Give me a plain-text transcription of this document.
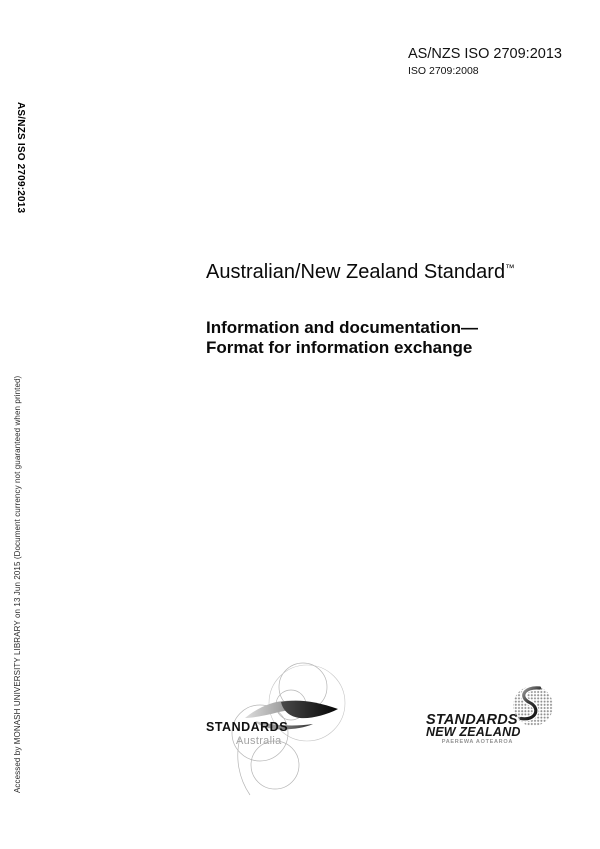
AS/NZS ISO 2709:2013
ISO 2709:2008
AS/NZS ISO 2709:2013
Accessed by MONASH UNIVERSITY LIBRARY on 13 Jun 2015 (Document currency not guaranteed when printed)
Australian/New Zealand Standard™
Information and documentation—
Format for information exchange
STANDARDS
Australia
STANDARDS
NEW ZEALAND
PAEREWA AOTEAROA
